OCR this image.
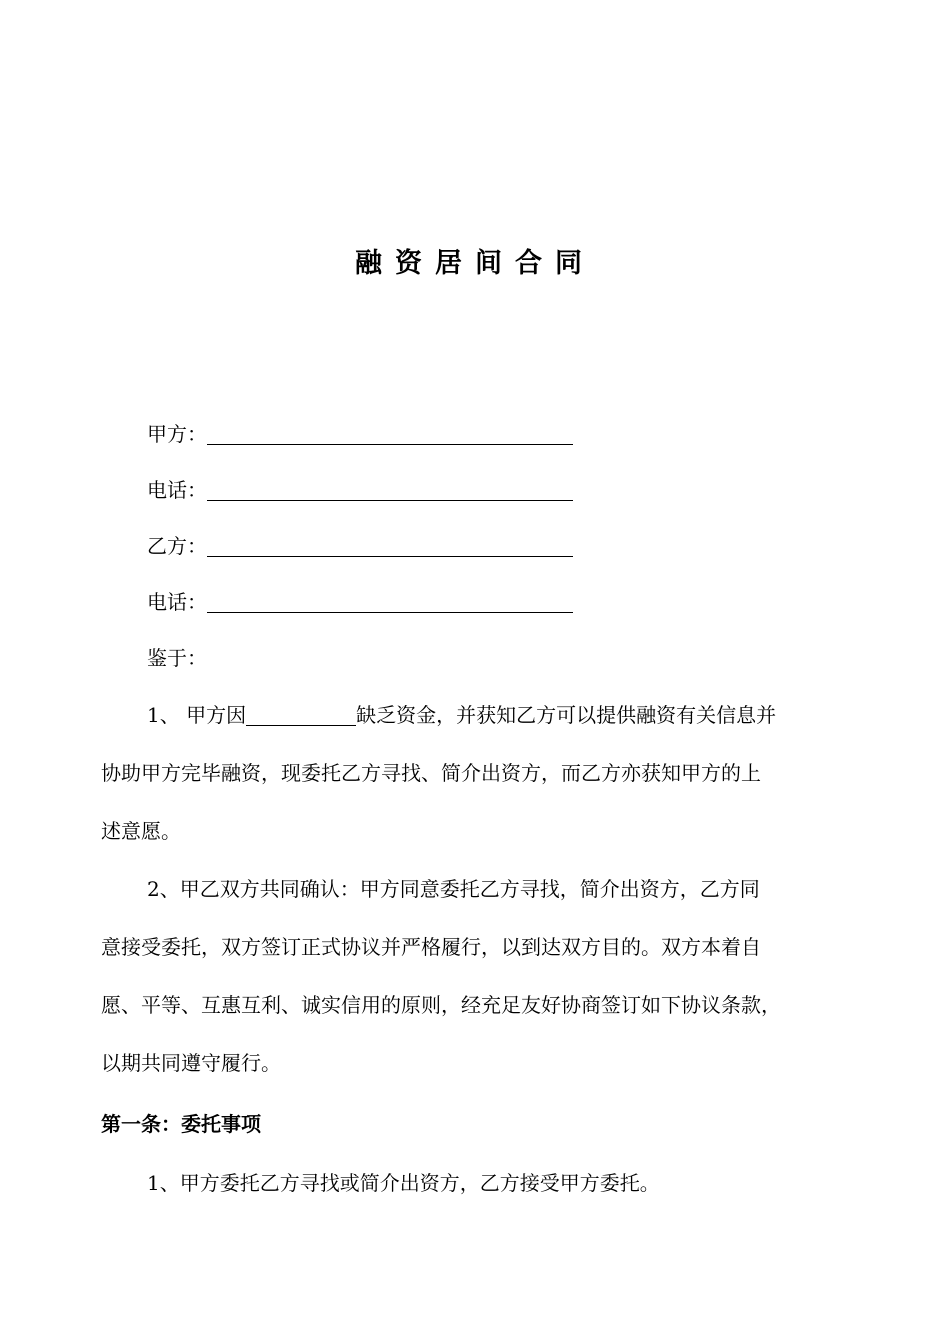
融资居间合同
甲方：
电话：
乙方：
电话：
鉴于：
1、 甲方因	缺乏资金，并获知乙方可以提供融资有关信息并
协助甲方完毕融资，现委托乙方寻找、简介出资方，而乙方亦获知甲方的上
述意愿。
2、甲乙双方共同确认：甲方同意委托乙方寻找，简介出资方，乙方同
意接受委托，双方签订正式协议并严格履行，以到达双方目的。双方本着自
愿、平等、互惠互利、诚实信用的原则，经充足友好协商签订如下协议条款，
以期共同遵守履行。
第一条：委托事项
1、甲方委托乙方寻找或简介出资方，乙方接受甲方委托。
